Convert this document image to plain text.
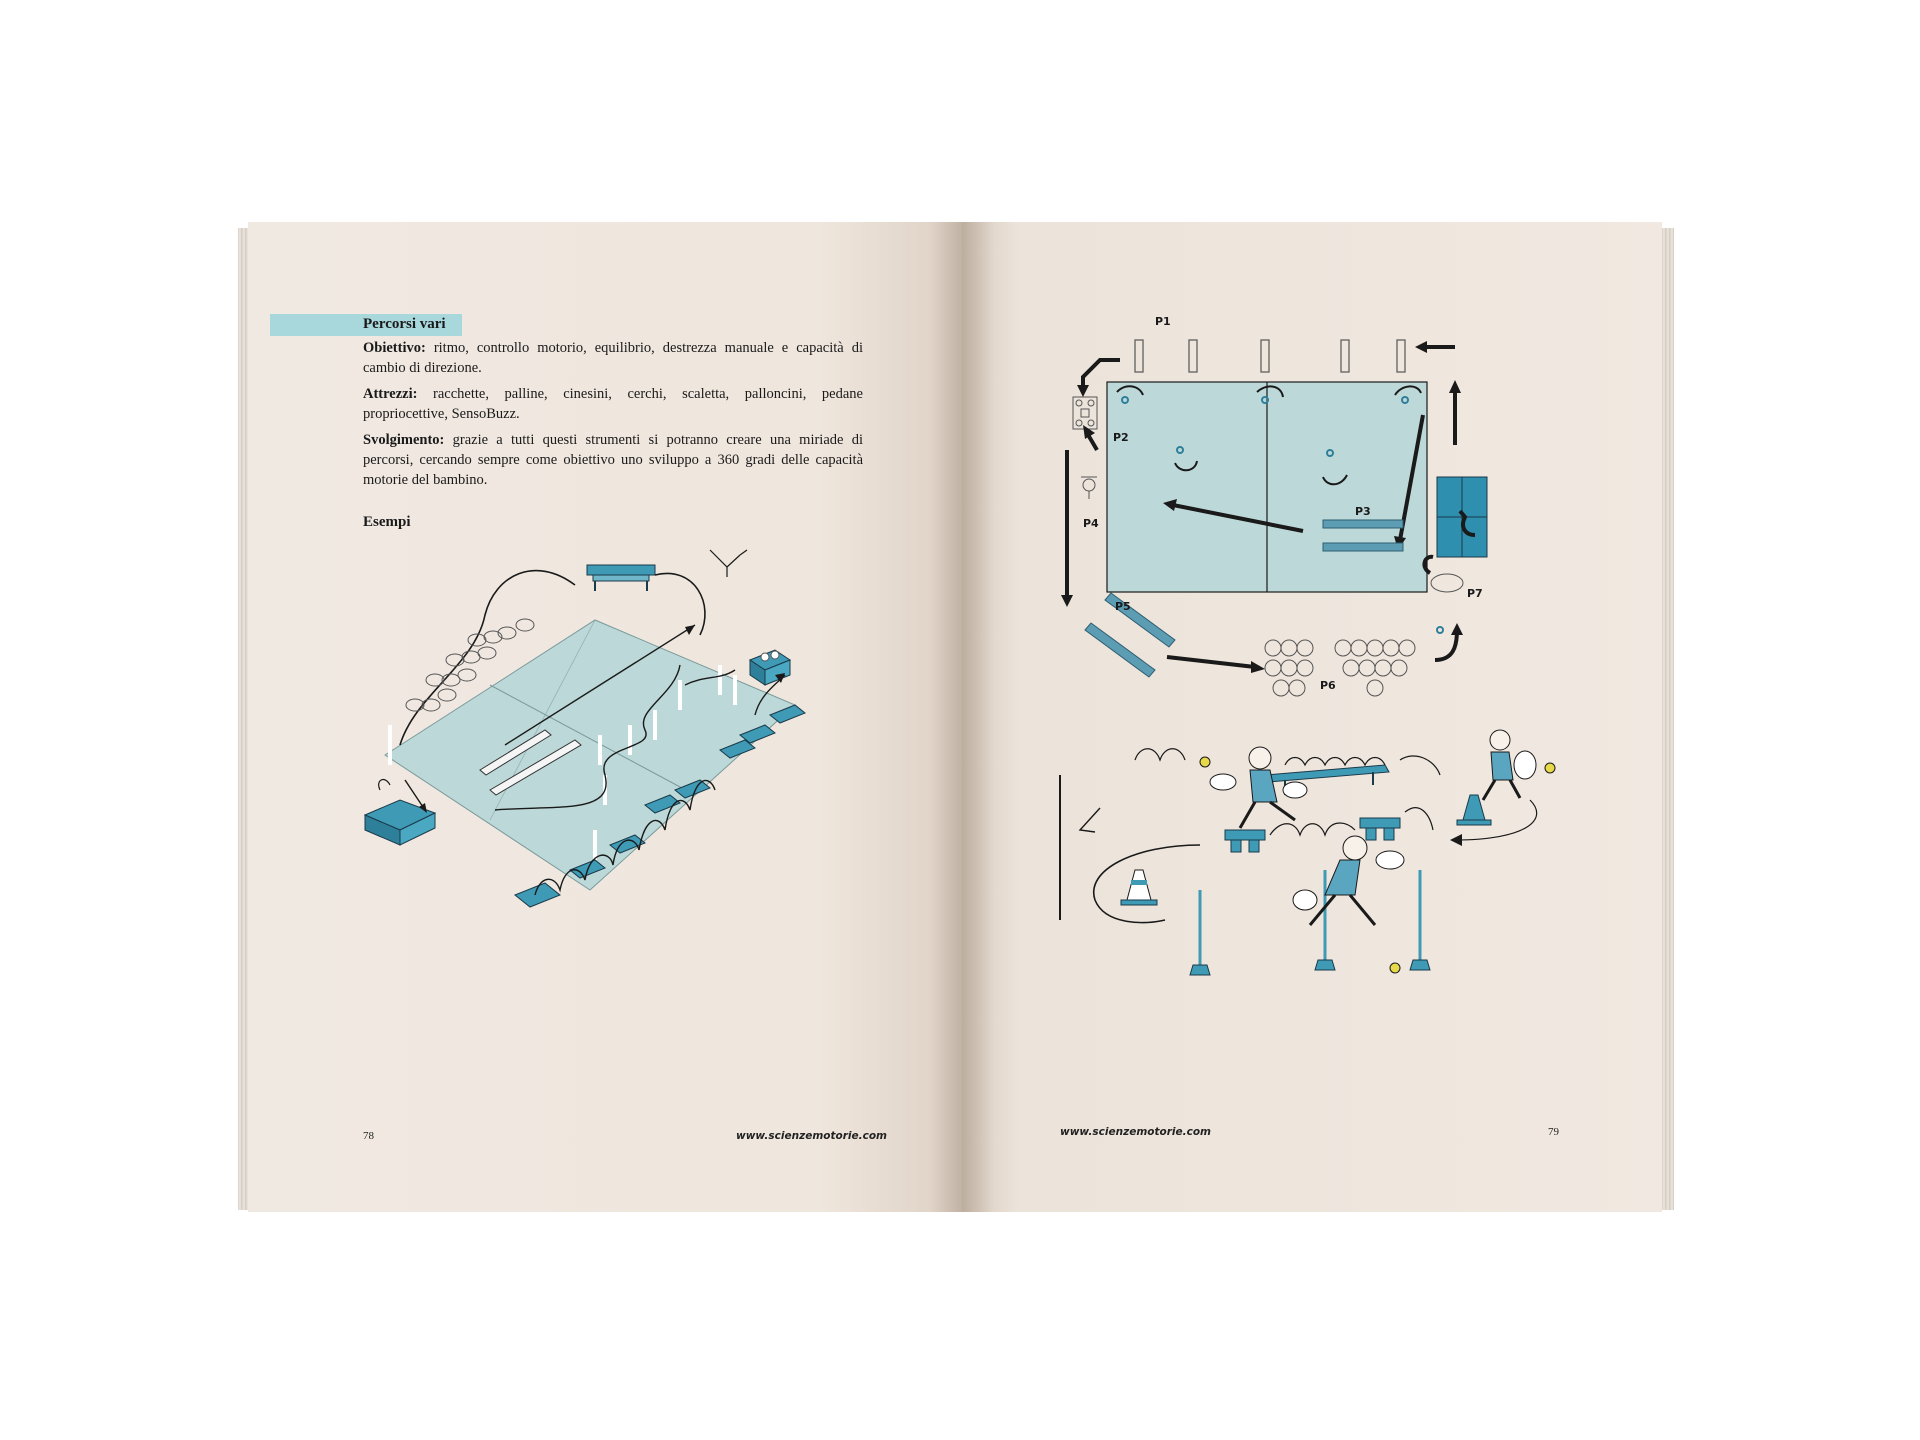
Percorsi vari

Obiettivo: ritmo, controllo motorio, equilibrio, destrezza manuale e capacità di cambio di direzione.

Attrezzi: racchette, palline, cinesini, cerchi, scaletta, palloncini, pedane propriocettive, SensoBuzz.

Svolgimento: grazie a tutti questi strumenti si potranno creare una miriade di percorsi, cercando sempre come obiettivo uno sviluppo a 360 gradi delle capacità motorie del bambino.

Esempi
78	www.scienzemotorie.com
P1
P2
P3
P4
P5
P6
P7
www.scienzemotorie.com	79
